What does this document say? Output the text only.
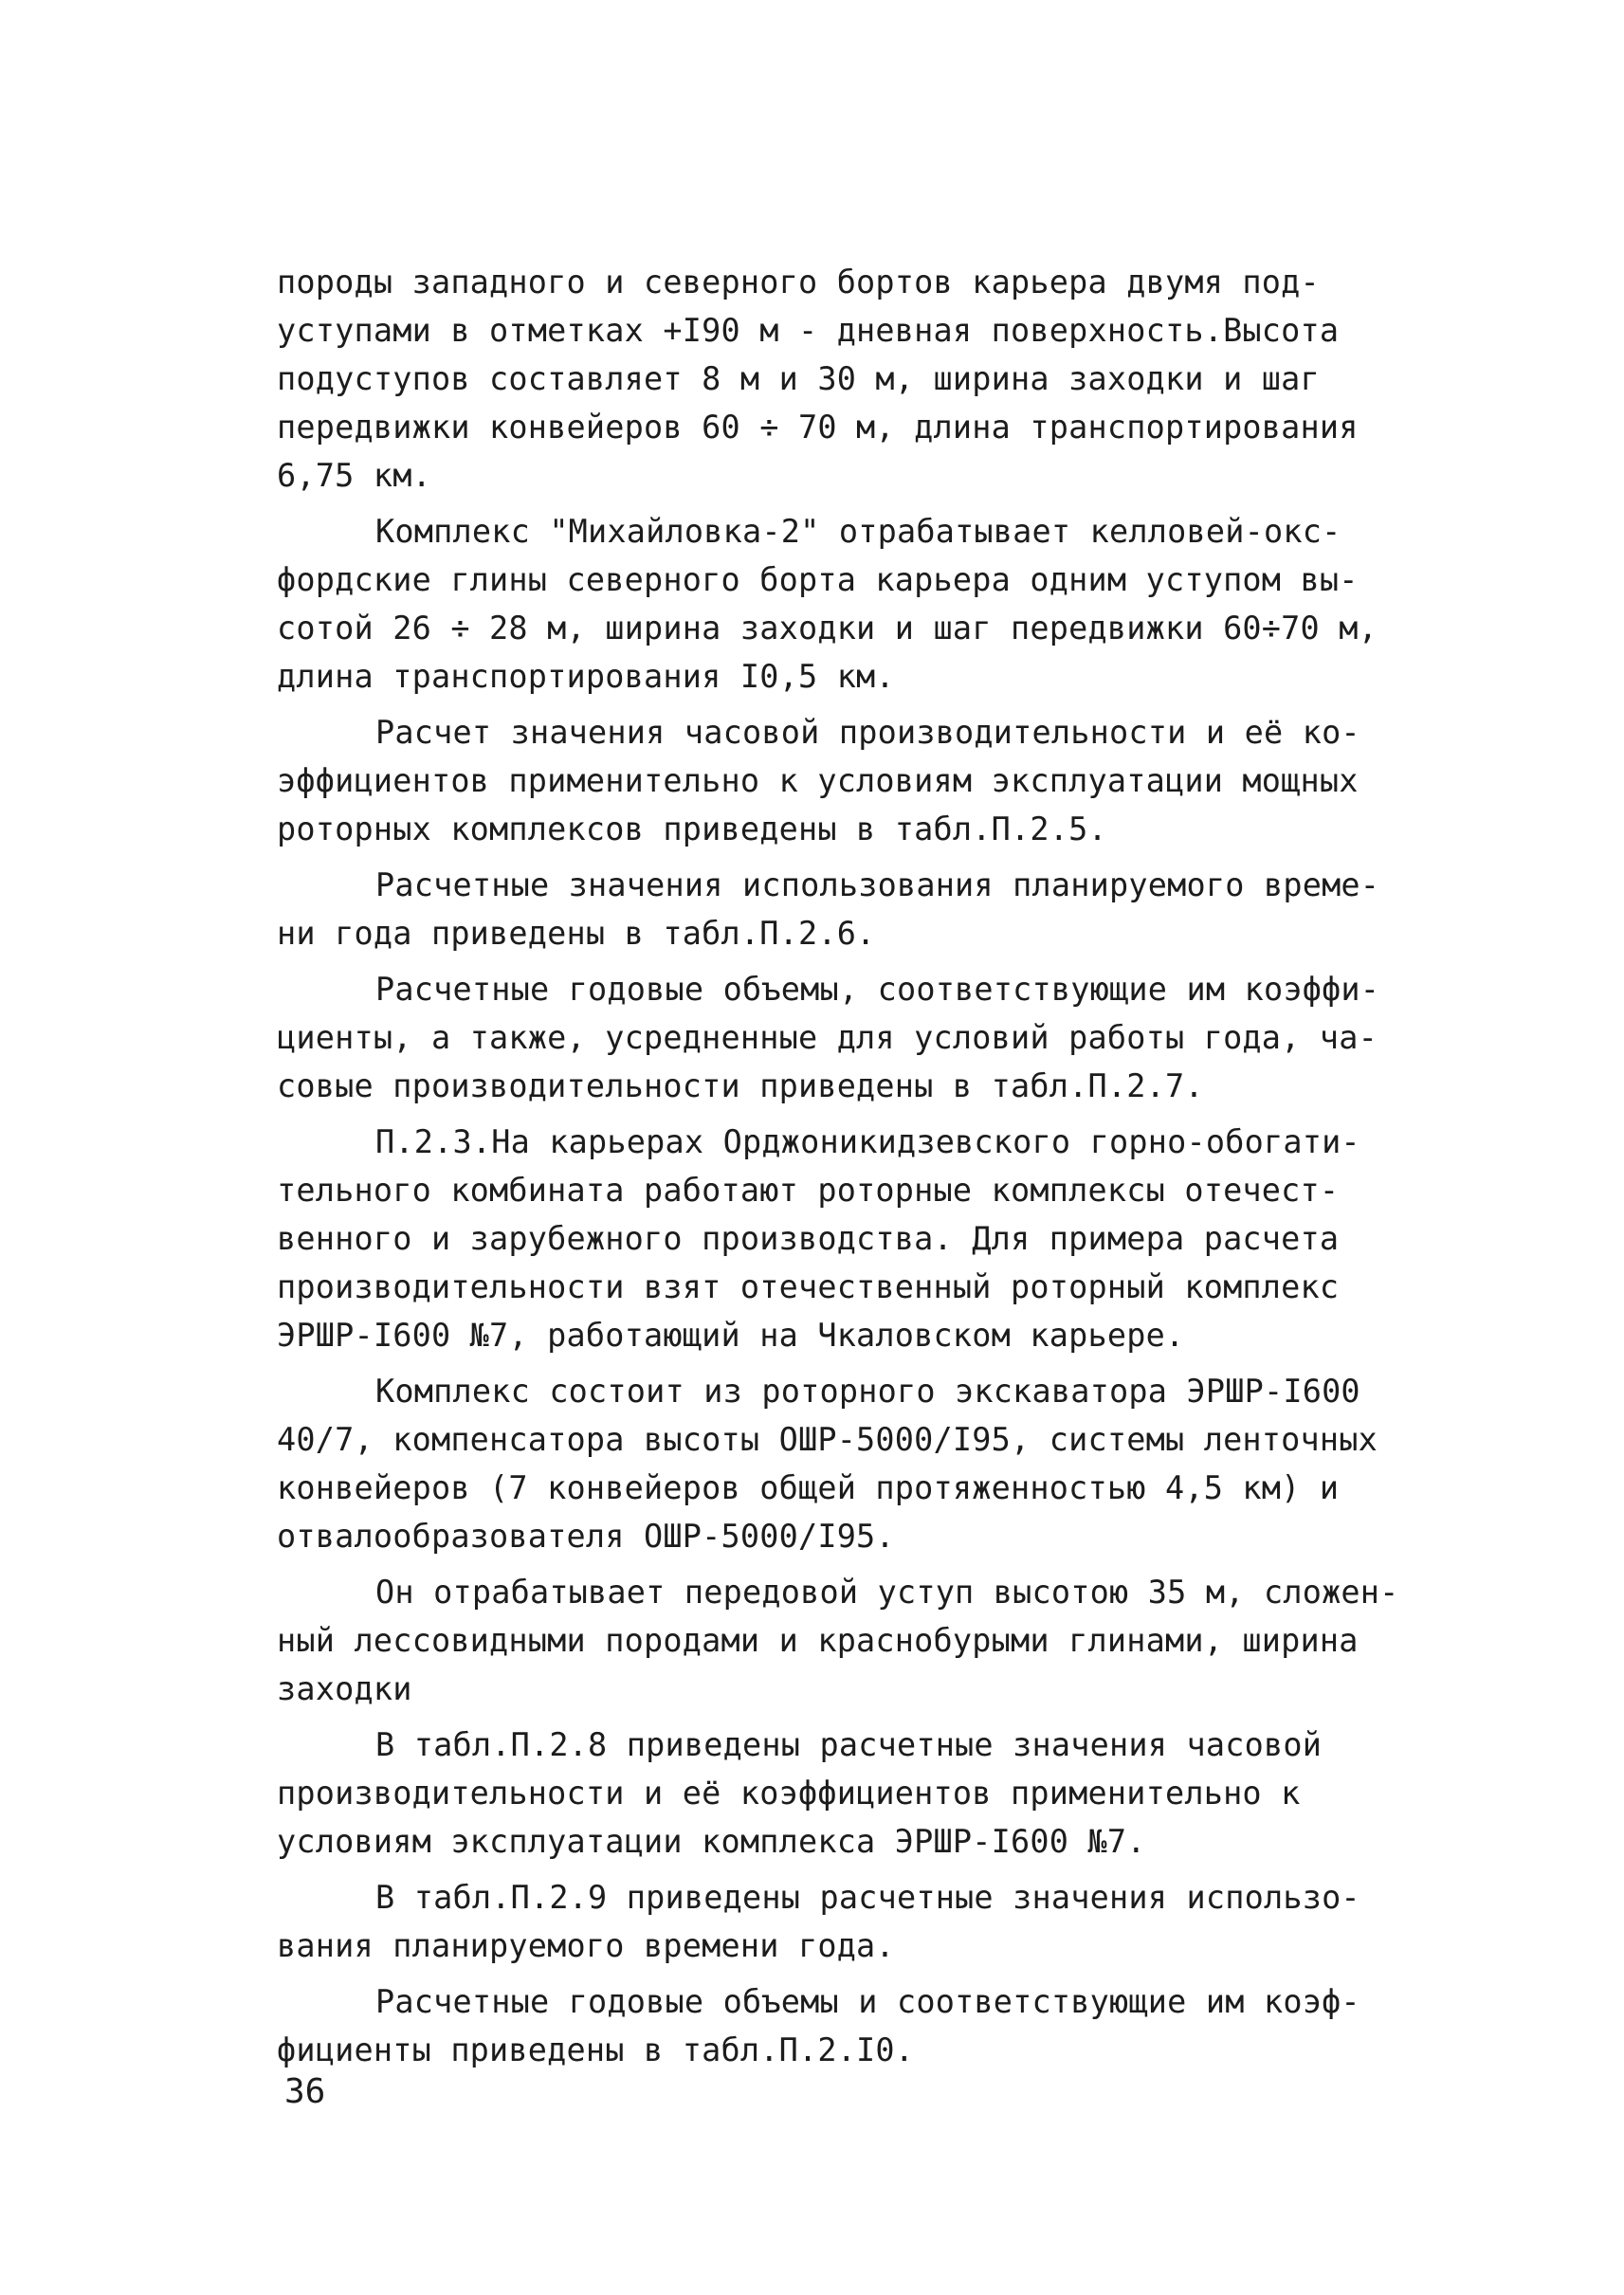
породы западного и северного бортов карьера двумя под-
уступами в отметках +I90 м - дневная поверхность.Высота
подуступов составляет 8 м и 30 м, ширина заходки и шаг
передвижки конвейеров 60 ÷ 70 м, длина транспортирования
6,75 км.
Комплекс "Михайловка-2" отрабатывает келловей-окс-
фордские глины северного борта карьера одним уступом вы-
сотой 26 ÷ 28 м, ширина заходки и шаг передвижки 60÷70 м,
длина транспортирования I0,5 км.
Расчет значения часовой производительности и её ко-
эффициентов применительно к условиям эксплуатации мощных
роторных комплексов приведены в табл.П.2.5.
Расчетные значения использования планируемого време-
ни года приведены в табл.П.2.6.
Расчетные годовые объемы, соответствующие им коэффи-
циенты, а также, усредненные для условий работы года, ча-
совые производительности приведены в табл.П.2.7.
П.2.3.На карьерах Орджоникидзевского горно-обогати-
тельного комбината работают роторные комплексы отечест-
венного и зарубежного производства. Для примера расчета
производительности взят отечественный роторный комплекс
ЭРШР-I600 №7, работающий на Чкаловском карьере.
Комплекс состоит из роторного экскаватора ЭРШР-I600
40/7, компенсатора высоты ОШР-5000/I95, системы ленточных
конвейеров (7 конвейеров общей протяженностью 4,5 км) и
отвалообразователя ОШР-5000/I95.
Он отрабатывает передовой уступ высотою 35 м, сложен-
ный лессовидными породами и краснобурыми глинами, ширина
заходки
В табл.П.2.8 приведены расчетные значения часовой
производительности и её коэффициентов применительно к
условиям эксплуатации комплекса ЭРШР-I600 №7.
В табл.П.2.9 приведены расчетные значения использо-
вания планируемого времени года.
Расчетные годовые объемы и соответствующие им коэф-
фициенты приведены в табл.П.2.I0.
36
